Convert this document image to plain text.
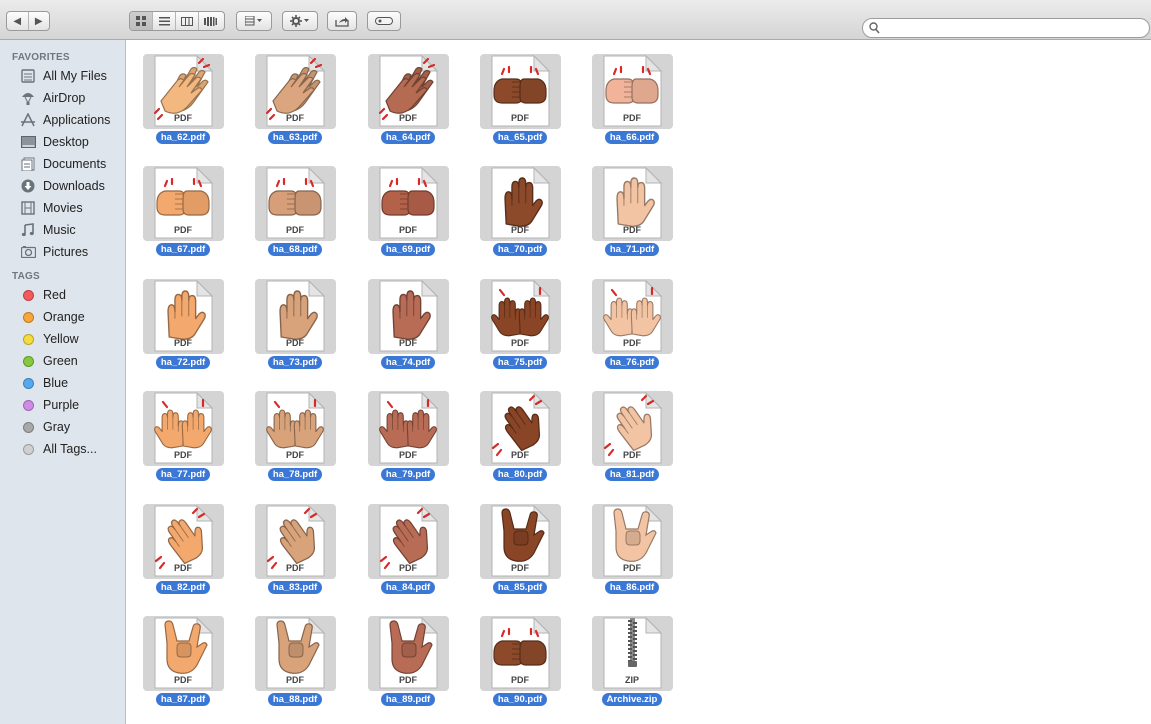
◀	▶
FAVORITES
All My Files
AirDrop
Applications
Desktop
Documents
Downloads
Movies
Music
Pictures
TAGS
Red
Orange
Yellow
Green
Blue
Purple
Gray
All Tags...
PDF
ha_62.pdf
PDF
ha_63.pdf
PDF
ha_64.pdf
PDF
ha_65.pdf
PDF
ha_66.pdf
PDF
ha_67.pdf
PDF
ha_68.pdf
PDF
ha_69.pdf
PDF
ha_70.pdf
PDF
ha_71.pdf
PDF
ha_72.pdf
PDF
ha_73.pdf
PDF
ha_74.pdf
PDF
ha_75.pdf
PDF
ha_76.pdf
PDF
ha_77.pdf
PDF
ha_78.pdf
PDF
ha_79.pdf
PDF
ha_80.pdf
PDF
ha_81.pdf
PDF
ha_82.pdf
PDF
ha_83.pdf
PDF
ha_84.pdf
PDF
ha_85.pdf
PDF
ha_86.pdf
PDF
ha_87.pdf
PDF
ha_88.pdf
PDF
ha_89.pdf
PDF
ha_90.pdf
ZIP
Archive.zip
